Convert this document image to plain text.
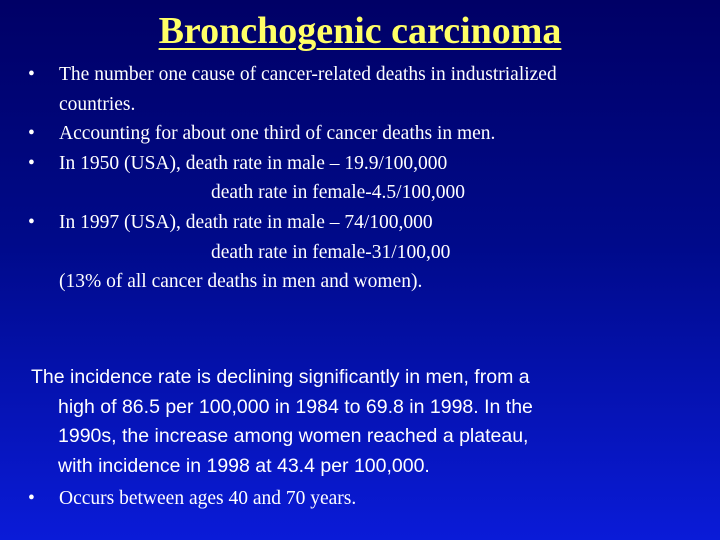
Bronchogenic carcinoma
• The number one cause of cancer-related deaths in industrialized
countries.
• Accounting for about one third of cancer deaths in men.
• In 1950 (USA), death rate in male – 19.9/100,000
death rate in female-4.5/100,000
• In 1997 (USA), death rate in male – 74/100,000
death rate in female-31/100,00
(13% of all cancer deaths in men and women).
The incidence rate is declining significantly in men, from a
high of 86.5 per 100,000 in 1984 to 69.8 in 1998. In the
1990s, the increase among women reached a plateau,
with incidence in 1998 at 43.4 per 100,000.
• Occurs between ages 40 and 70 years.
